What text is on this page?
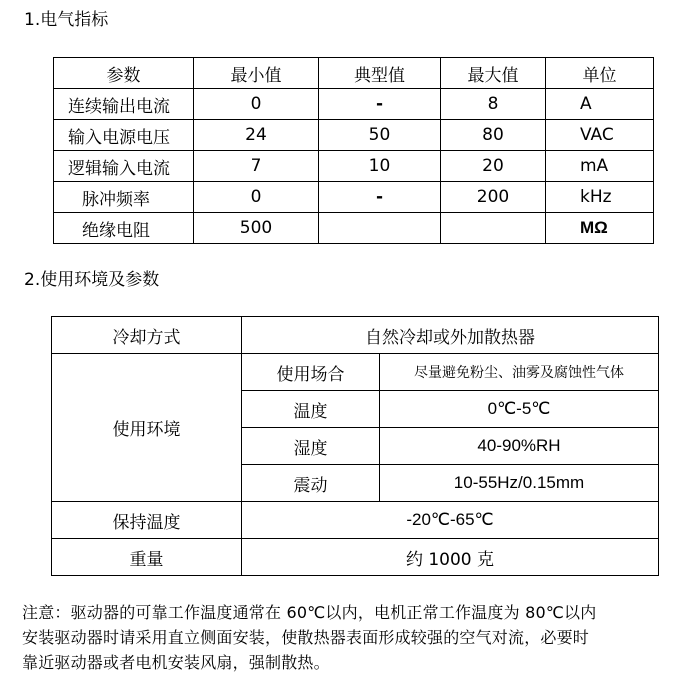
1.电气指标
参数	最小值	典型值	最大值	单位
连续输出电流	0	-	8	A
输入电源电压	24	50	80	VAC
逻辑输入电流	7	10	20	mA
脉冲频率	0	-	200	kHz
绝缘电阻	500			MΩ
2.使用环境及参数
冷却方式	自然冷却或外加散热器	
使用环境	使用场合	尽量避免粉尘、油雾及腐蚀性气体
	温度	0℃-5℃
	湿度	40-90%RH
	震动	10-55Hz/0.15mm
保持温度	-20℃-65℃	
重量	约 1000 克	
注意：驱动器的可靠工作温度通常在 60℃以内，电机正常工作温度为 80℃以内
安装驱动器时请采用直立侧面安装，使散热器表面形成较强的空气对流，必要时
靠近驱动器或者电机安装风扇，强制散热。
